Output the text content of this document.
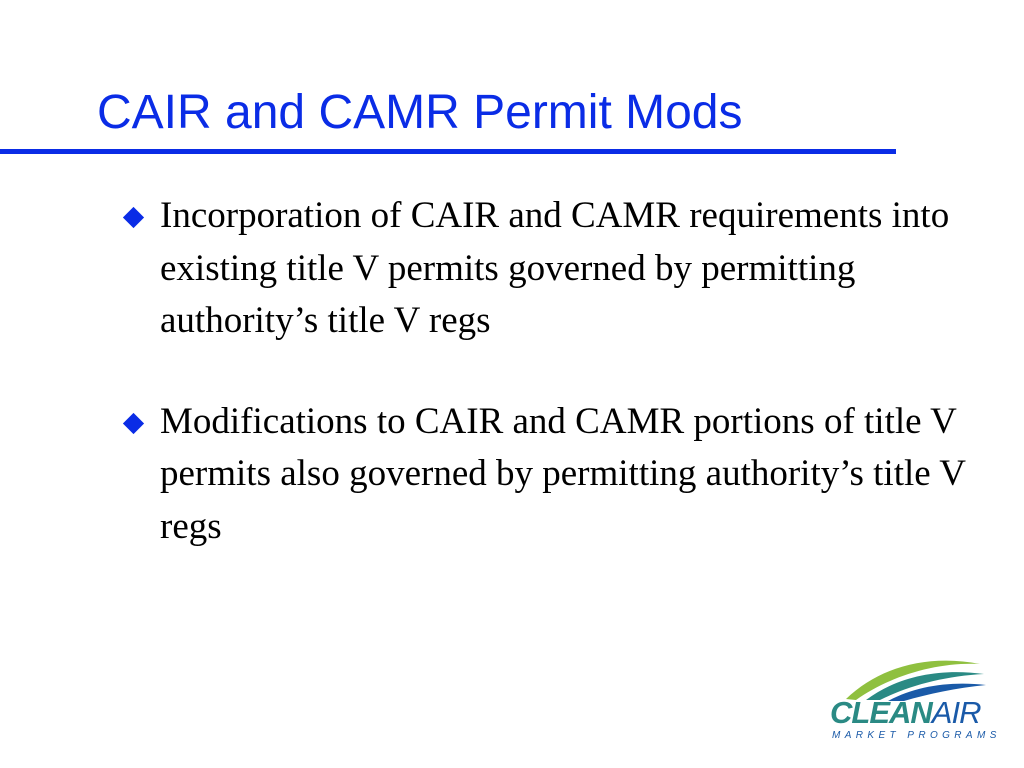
CAIR and CAMR Permit Mods
Incorporation of CAIR and CAMR requirements into existing title V permits governed by permitting authority’s title V regs
Modifications to CAIR and CAMR portions of title V permits also governed by permitting authority’s title V regs
CLEANAIR
MARKET PROGRAMS
